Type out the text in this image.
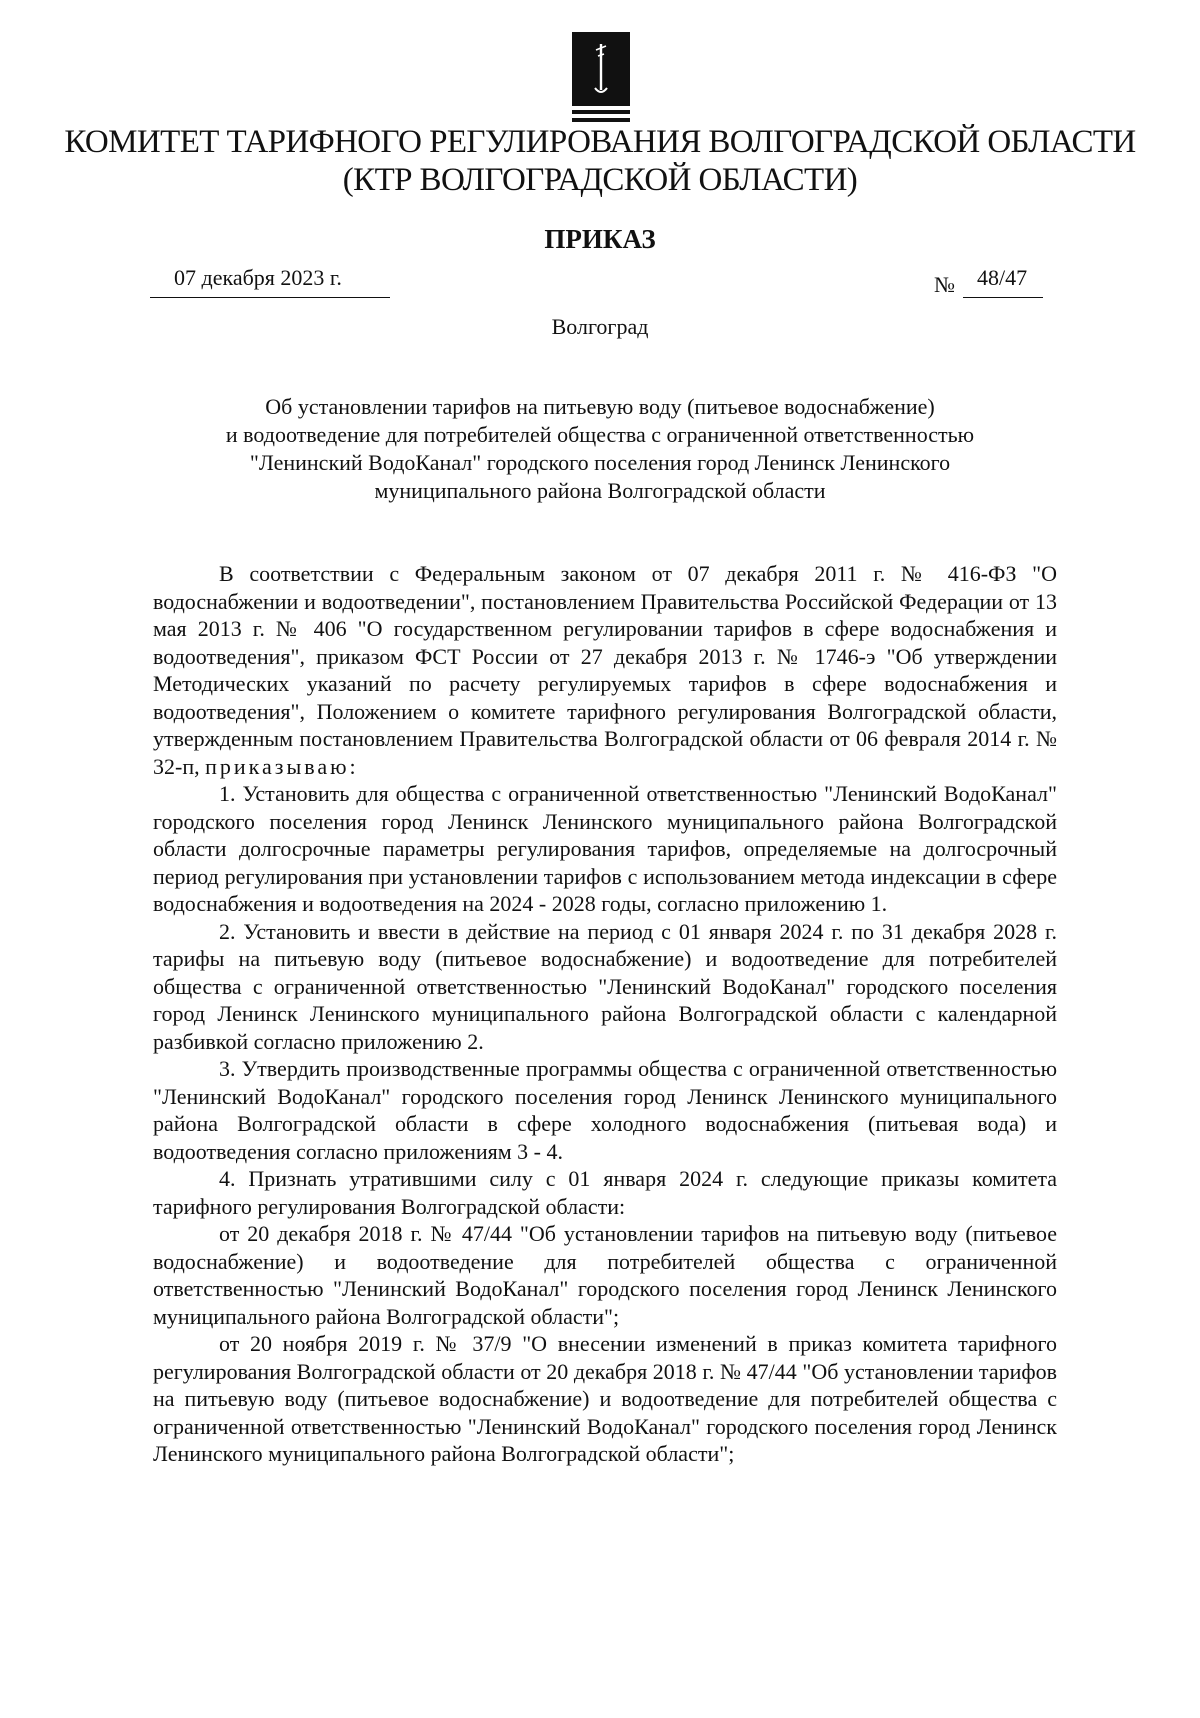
КОМИТЕТ ТАРИФНОГО РЕГУЛИРОВАНИЯ ВОЛГОГРАДСКОЙ ОБЛАСТИ
(КТР ВОЛГОГРАДСКОЙ ОБЛАСТИ)
ПРИКАЗ
07 декабря 2023 г.	№ 48/47
Волгоград
Об установлении тарифов на питьевую воду (питьевое водоснабжение)
и водоотведение для потребителей общества с ограниченной ответственностью
"Ленинский ВодоКанал" городского поселения город Ленинск Ленинского
муниципального района Волгоградской области

В соответствии с Федеральным законом от 07 декабря 2011 г. № 416-ФЗ "О водоснабжении и водоотведении", постановлением Правительства Российской Федерации от 13 мая 2013 г. № 406 "О государственном регулировании тарифов в сфере водоснабжения и водоотведения", приказом ФСТ России от 27 декабря 2013 г. № 1746-э "Об утверждении Методических указаний по расчету регулируемых тарифов в сфере водоснабжения и водоотведения", Положением о комитете тарифного регулирования Волгоградской области, утвержденным постановлением Правительства Волгоградской области от 06 февраля 2014 г. № 32-п, приказываю:

1. Установить для общества с ограниченной ответственностью "Ленинский ВодоКанал" городского поселения город Ленинск Ленинского муниципального района Волгоградской области долгосрочные параметры регулирования тарифов, определяемые на долгосрочный период регулирования при установлении тарифов с использованием метода индексации в сфере водоснабжения и водоотведения на 2024 - 2028 годы, согласно приложению 1.

2. Установить и ввести в действие на период с 01 января 2024 г. по 31 декабря 2028 г. тарифы на питьевую воду (питьевое водоснабжение) и водоотведение для потребителей общества с ограниченной ответственностью "Ленинский ВодоКанал" городского поселения город Ленинск Ленинского муниципального района Волгоградской области с календарной разбивкой согласно приложению 2.

3. Утвердить производственные программы общества с ограниченной ответственностью "Ленинский ВодоКанал" городского поселения город Ленинск Ленинского муниципального района Волгоградской области в сфере холодного водоснабжения (питьевая вода) и водоотведения согласно приложениям 3 - 4.

4. Признать утратившими силу с 01 января 2024 г. следующие приказы комитета тарифного регулирования Волгоградской области:

от 20 декабря 2018 г. № 47/44 "Об установлении тарифов на питьевую воду (питьевое водоснабжение) и водоотведение для потребителей общества с ограниченной ответственностью "Ленинский ВодоКанал" городского поселения город Ленинск Ленинского муниципального района Волгоградской области";

от 20 ноября 2019 г. № 37/9 "О внесении изменений в приказ комитета тарифного регулирования Волгоградской области от 20 декабря 2018 г. № 47/44 "Об установлении тарифов на питьевую воду (питьевое водоснабжение) и водоотведение для потребителей общества с ограниченной ответственностью "Ленинский ВодоКанал" городского поселения город Ленинск Ленинского муниципального района Волгоградской области";
